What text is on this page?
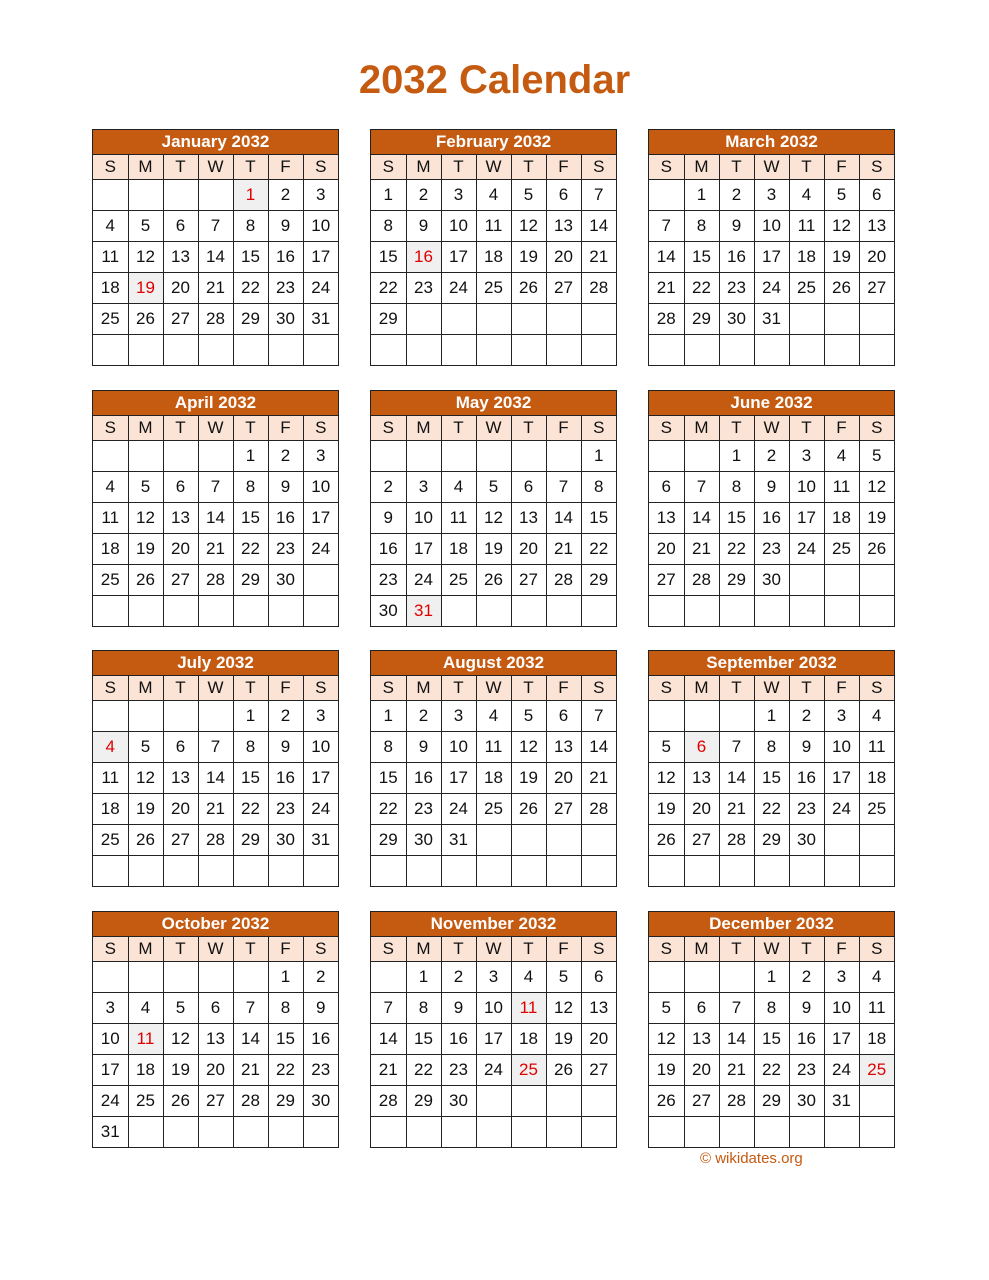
2032 Calendar
January 2032
S	M	T	W	T	F	S
				1	2	3
4	5	6	7	8	9	10
11	12	13	14	15	16	17
18	19	20	21	22	23	24
25	26	27	28	29	30	31

February 2032
S	M	T	W	T	F	S
1	2	3	4	5	6	7
8	9	10	11	12	13	14
15	16	17	18	19	20	21
22	23	24	25	26	27	28
29						

March 2032
S	M	T	W	T	F	S
	1	2	3	4	5	6
7	8	9	10	11	12	13
14	15	16	17	18	19	20
21	22	23	24	25	26	27
28	29	30	31			

April 2032
S	M	T	W	T	F	S
				1	2	3
4	5	6	7	8	9	10
11	12	13	14	15	16	17
18	19	20	21	22	23	24
25	26	27	28	29	30	

May 2032
S	M	T	W	T	F	S
						1
2	3	4	5	6	7	8
9	10	11	12	13	14	15
16	17	18	19	20	21	22
23	24	25	26	27	28	29
30	31					
June 2032
S	M	T	W	T	F	S
		1	2	3	4	5
6	7	8	9	10	11	12
13	14	15	16	17	18	19
20	21	22	23	24	25	26
27	28	29	30			

July 2032
S	M	T	W	T	F	S
				1	2	3
4	5	6	7	8	9	10
11	12	13	14	15	16	17
18	19	20	21	22	23	24
25	26	27	28	29	30	31

August 2032
S	M	T	W	T	F	S
1	2	3	4	5	6	7
8	9	10	11	12	13	14
15	16	17	18	19	20	21
22	23	24	25	26	27	28
29	30	31				

September 2032
S	M	T	W	T	F	S
			1	2	3	4
5	6	7	8	9	10	11
12	13	14	15	16	17	18
19	20	21	22	23	24	25
26	27	28	29	30		

October 2032
S	M	T	W	T	F	S
					1	2
3	4	5	6	7	8	9
10	11	12	13	14	15	16
17	18	19	20	21	22	23
24	25	26	27	28	29	30
31						
November 2032
S	M	T	W	T	F	S
	1	2	3	4	5	6
7	8	9	10	11	12	13
14	15	16	17	18	19	20
21	22	23	24	25	26	27
28	29	30				

December 2032
S	M	T	W	T	F	S
			1	2	3	4
5	6	7	8	9	10	11
12	13	14	15	16	17	18
19	20	21	22	23	24	25
26	27	28	29	30	31	

© wikidates.org
